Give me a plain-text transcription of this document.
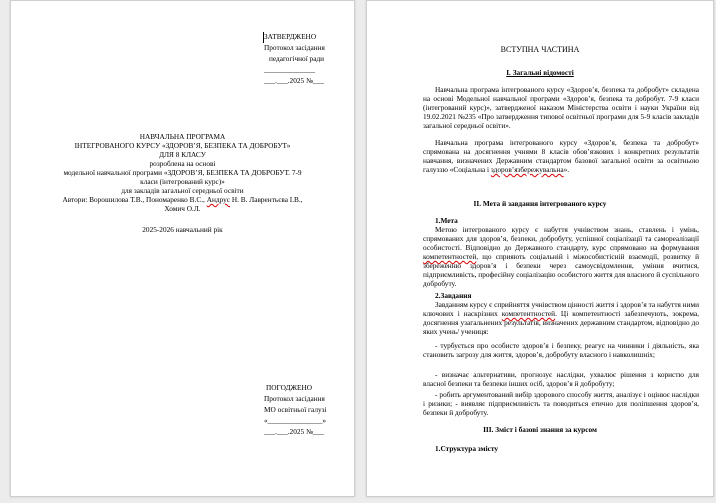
ЗАТВЕРДЖЕНО
Протокол засідання
педагогічної ради
______________
___.___.2025 №___
НАВЧАЛЬНА ПРОГРАМА
ІНТЕГРОВАНОГО КУРСУ «ЗДОРОВ’Я, БЕЗПЕКА ТА ДОБРОБУТ»
ДЛЯ 8 КЛАСУ
розроблена на основі
модельної навчальної програми «ЗДОРОВ’Я, БЕЗПЕКА ТА ДОБРОБУТ. 7-9
класи (інтегрований курс)»
для закладів загальної середньої освіти
Автори: Ворошилова Т.В., Пономаренко В.С., Андрус Н. В. Лаврентьєва І.В.,
Хомич О.Л.
2025-2026 навчальний рік
ПОГОДЖЕНО
Протокол засідання
МО освітньої галузі
«_______________»
___.___.2025 №___
ВСТУПНА ЧАСТИНА
І. Загальні відомості
Навчальна програма інтегрованого курсу «Здоров’я, безпека та добробут» складена на основі Модельної навчальної програми «Здоров’я, безпека та добробут. 7-9 класи (інтегрований курс)», затвердженої наказом Міністерства освіти і науки України від 19.02.2021 №235 «Про затвердження типової освітньої програми для 5-9 класів закладів загальної середньої освіти».
Навчальна програма інтегрованого курсу «Здоров’я, безпека та добробут» спрямована на досягнення учнями 8 класів обов’язкових і конкретних результатів навчання, визначених Державним стандартом базової загальної освіти за освітньою галуззю «Соціальна і здоров’язбережувальна».
ІІ. Мета й завдання інтегрованого курсу
1.Мета
Метою інтегрованого курсу є набуття учнівством знань, ставлень і умінь, спрямованих для здоров’я, безпеки, добробуту, успішної соціалізації та самореалізації особистості. Відповідно до Державного стандарту, курс спрямовано на формування компетентностей, що сприяють соціальній і міжособистісній взаємодії, розвитку й збереженню здоров’я і безпеки через самоусвідомлення, уміння вчитися, підприємливість, професійну соціалізацію особистого життя для власного й суспільного добробуту.
2.Завдання
Завданням курсу є сприйняття учнівством цінності життя і здоров’я та набуття ними ключових і наскрізних компетентностей. Ці компетентності забезпечують, зокрема, досягнення узагальнених результатів, визначених державним стандартом, відповідно до яких учень/ учениця:
- турбується про особисте здоров’я і безпеку, реагує на чинники і діяльність, яка становить загрозу для життя, здоров’я, добробуту власного і навколишніх;
- визначає альтернативи, прогнозує наслідки, ухвалює рішення з користю для власної безпеки та безпеки інших осіб, здоров’я й добробуту;
- робить аргументований вибір здорового способу життя, аналізує і оцінює наслідки і ризики; - виявляє підприємливість та поводиться етично для поліпшення здоров’я, безпеки й добробуту.
ІІІ. Зміст і базові знання за курсом
1.Структура змісту
